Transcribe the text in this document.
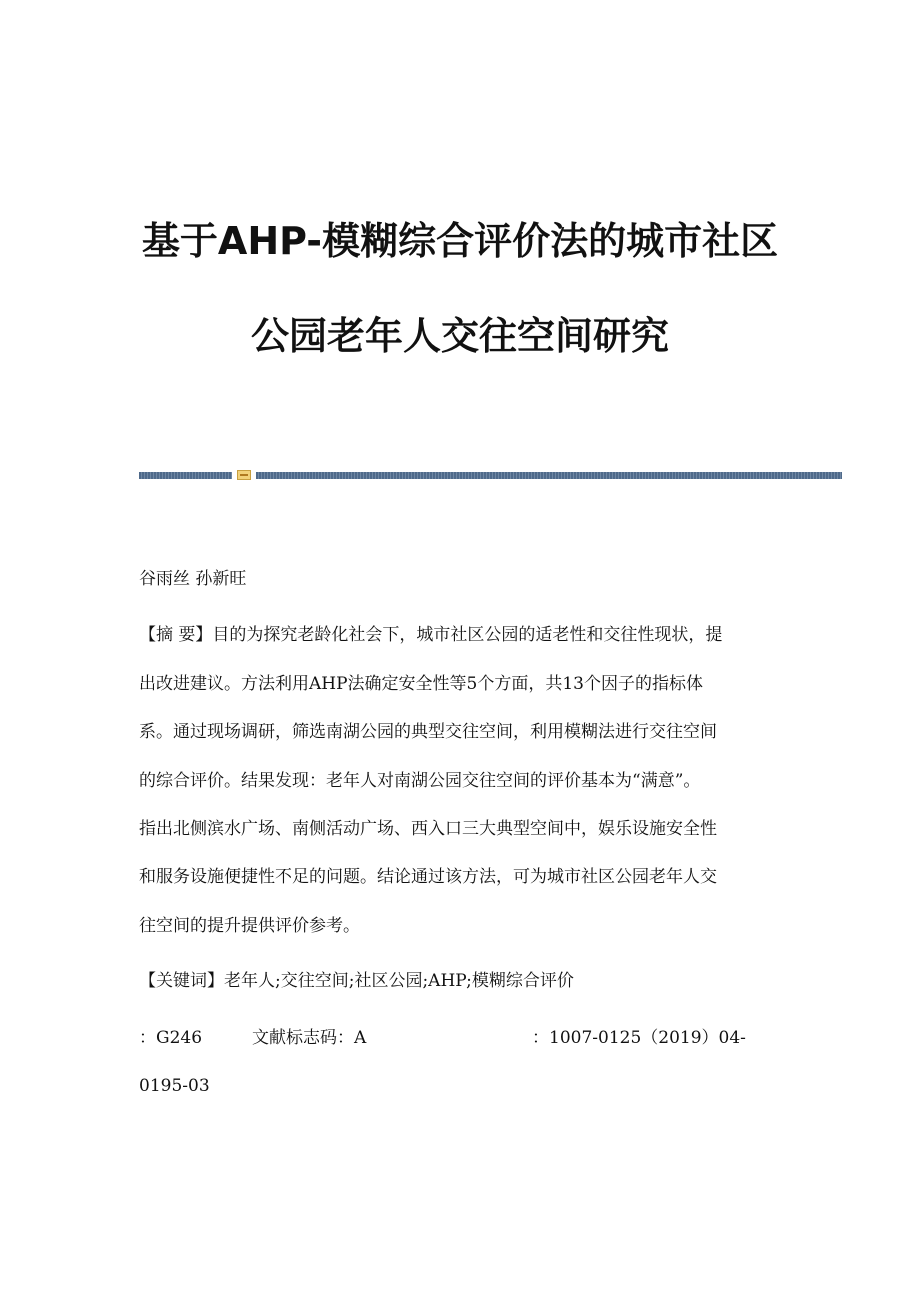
基于AHP-模糊综合评价法的城市社区
公园老年人交往空间研究
谷雨丝 孙新旺
【摘 要】目的为探究老龄化社会下，城市社区公园的适老性和交往性现状，提
出改进建议。方法利用AHP法确定安全性等5个方面，共13个因子的指标体
系。通过现场调研，筛选南湖公园的典型交往空间，利用模糊法进行交往空间
的综合评价。结果发现：老年人对南湖公园交往空间的评价基本为“满意”。
指出北侧滨水广场、南侧活动广场、西入口三大典型空间中，娱乐设施安全性
和服务设施便捷性不足的问题。结论通过该方法，可为城市社区公园老年人交
往空间的提升提供评价参考。
【关键词】老年人;交往空间;社区公园;AHP;模糊综合评价
：G246	文献标志码：A	：1007-0125（2019）04-
0195-03
